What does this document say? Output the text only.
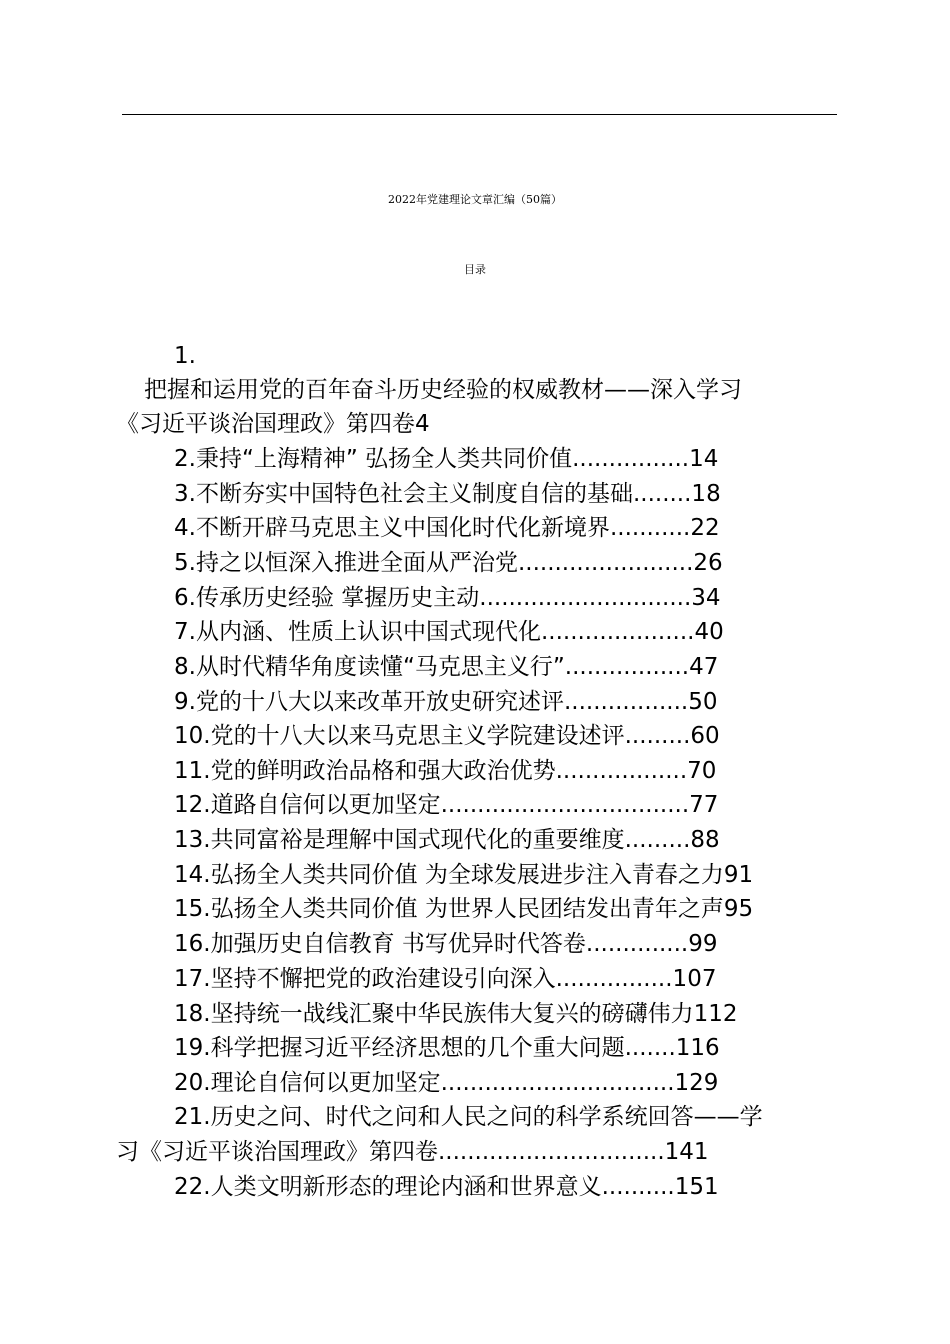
2022年党建理论文章汇编（50篇）
目录
1.
把握和运用党的百年奋斗历史经验的权威教材——深入学习
《习近平谈治国理政》第四卷4
2.秉持“上海精神” 弘扬全人类共同价值................14
3.不断夯实中国特色社会主义制度自信的基础........18
4.不断开辟马克思主义中国化时代化新境界...........22
5.持之以恒深入推进全面从严治党........................26
6.传承历史经验 掌握历史主动.............................34
7.从内涵、性质上认识中国式现代化.....................40
8.从时代精华角度读懂“马克思主义行”.................47
9.党的十八大以来改革开放史研究述评.................50
10.党的十八大以来马克思主义学院建设述评.........60
11.党的鲜明政治品格和强大政治优势..................70
12.道路自信何以更加坚定..................................77
13.共同富裕是理解中国式现代化的重要维度.........88
14.弘扬全人类共同价值 为全球发展进步注入青春之力91
15.弘扬全人类共同价值 为世界人民团结发出青年之声95
16.加强历史自信教育 书写优异时代答卷..............99
17.坚持不懈把党的政治建设引向深入................107
18.坚持统一战线汇聚中华民族伟大复兴的磅礴伟力112
19.科学把握习近平经济思想的几个重大问题.......116
20.理论自信何以更加坚定................................129
21.历史之问、时代之问和人民之问的科学系统回答——学
习《习近平谈治国理政》第四卷...............................141
22.人类文明新形态的理论内涵和世界意义..........151
